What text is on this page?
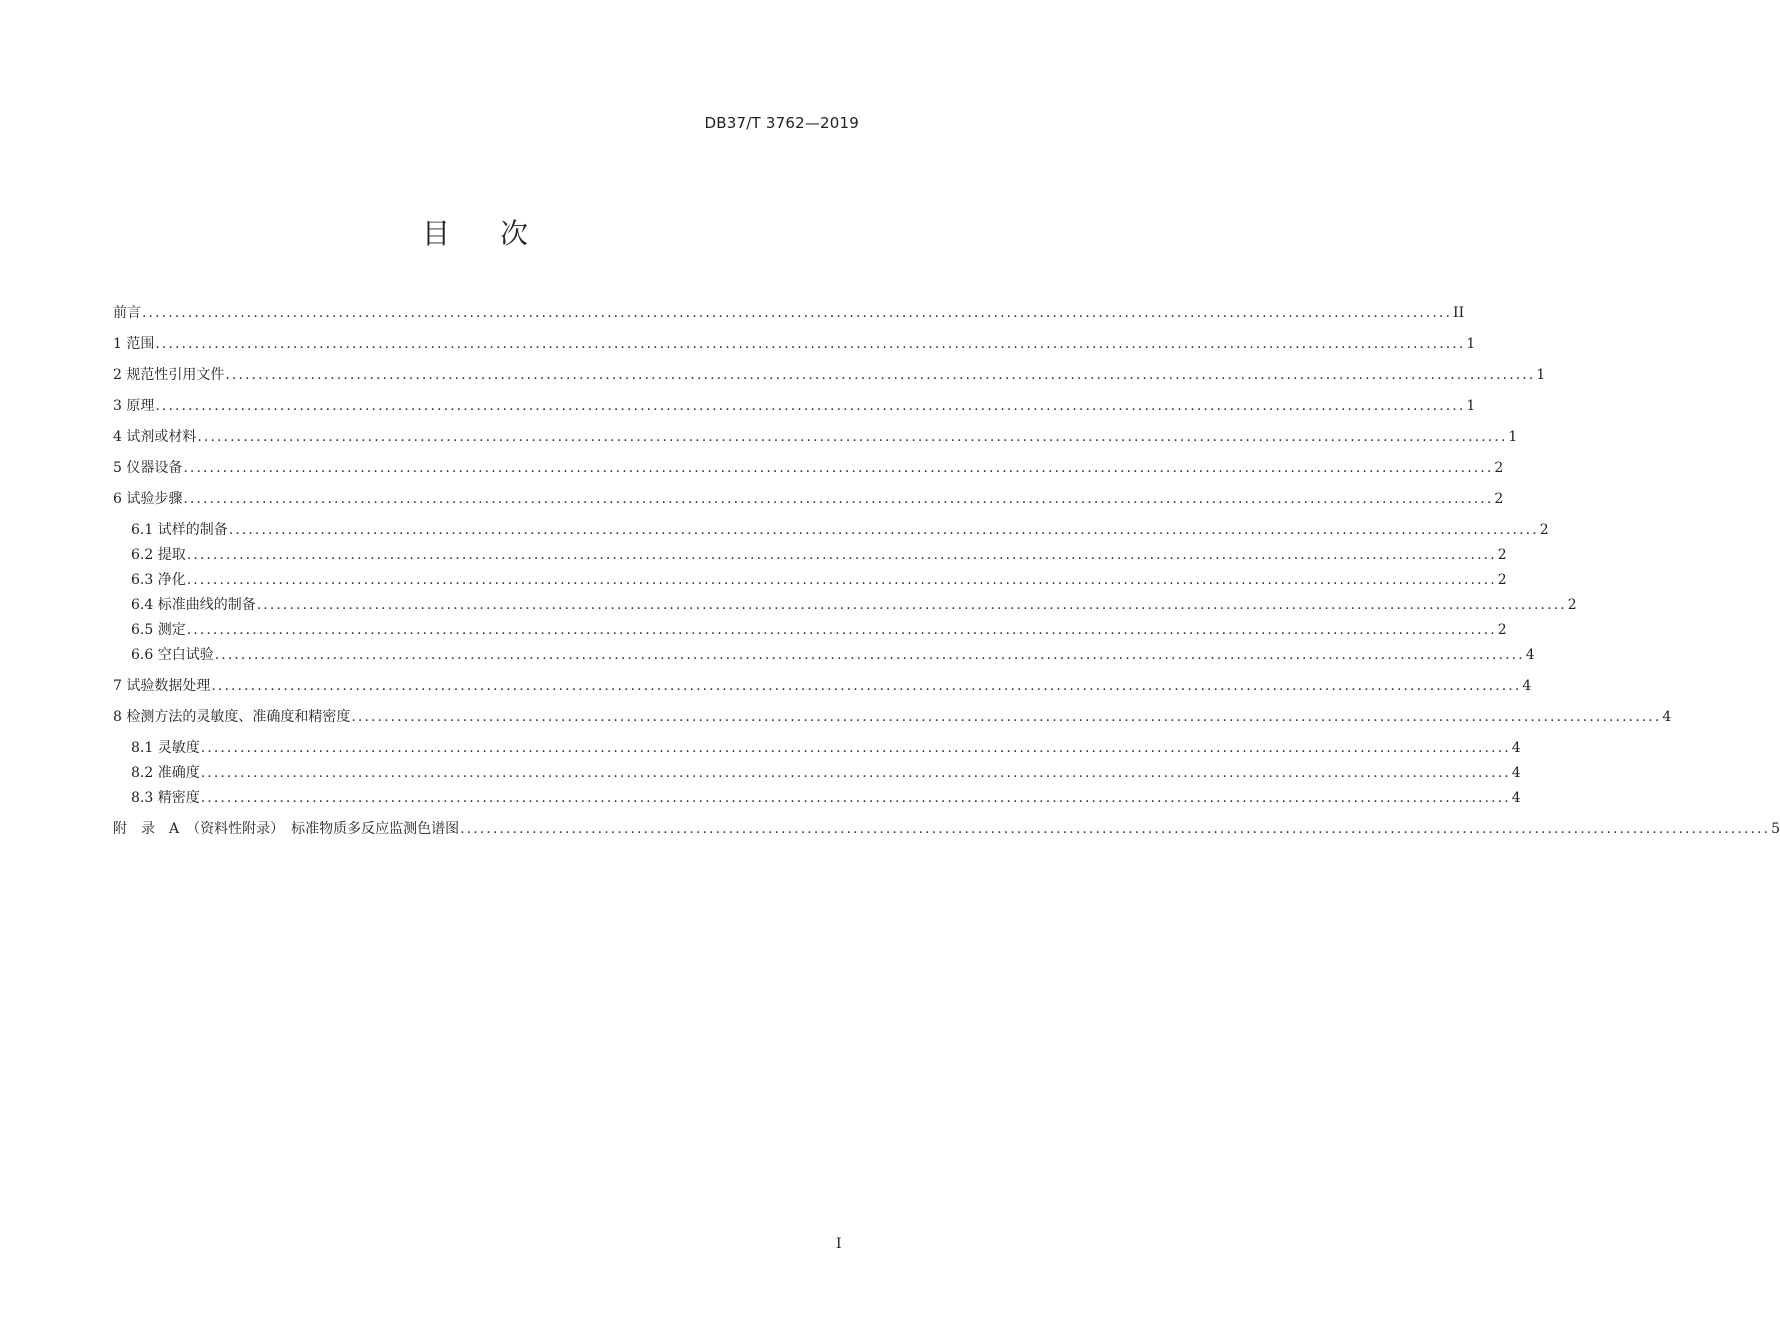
DB37/T 3762—2019
目次
前言 ........................................................................................................................................................................................................ II
1 范围 ........................................................................................................................................................................................................ 1
2 规范性引用文件 ........................................................................................................................................................................................................ 1
3 原理 ........................................................................................................................................................................................................ 1
4 试剂或材料 ........................................................................................................................................................................................................ 1
5 仪器设备 ........................................................................................................................................................................................................ 2
6 试验步骤 ........................................................................................................................................................................................................ 2
6.1 试样的制备 ........................................................................................................................................................................................................ 2
6.2 提取 ........................................................................................................................................................................................................ 2
6.3 净化 ........................................................................................................................................................................................................ 2
6.4 标准曲线的制备 ........................................................................................................................................................................................................ 2
6.5 测定 ........................................................................................................................................................................................................ 2
6.6 空白试验 ........................................................................................................................................................................................................ 4
7 试验数据处理 ........................................................................................................................................................................................................ 4
8 检测方法的灵敏度、准确度和精密度 ........................................................................................................................................................................................................ 4
8.1 灵敏度 ........................................................................................................................................................................................................ 4
8.2 准确度 ........................................................................................................................................................................................................ 4
8.3 精密度 ........................................................................................................................................................................................................ 4
附　录　A　（资料性附录）　标准物质多反应监测色谱图 ........................................................................................................................................................................................................ 5
I
